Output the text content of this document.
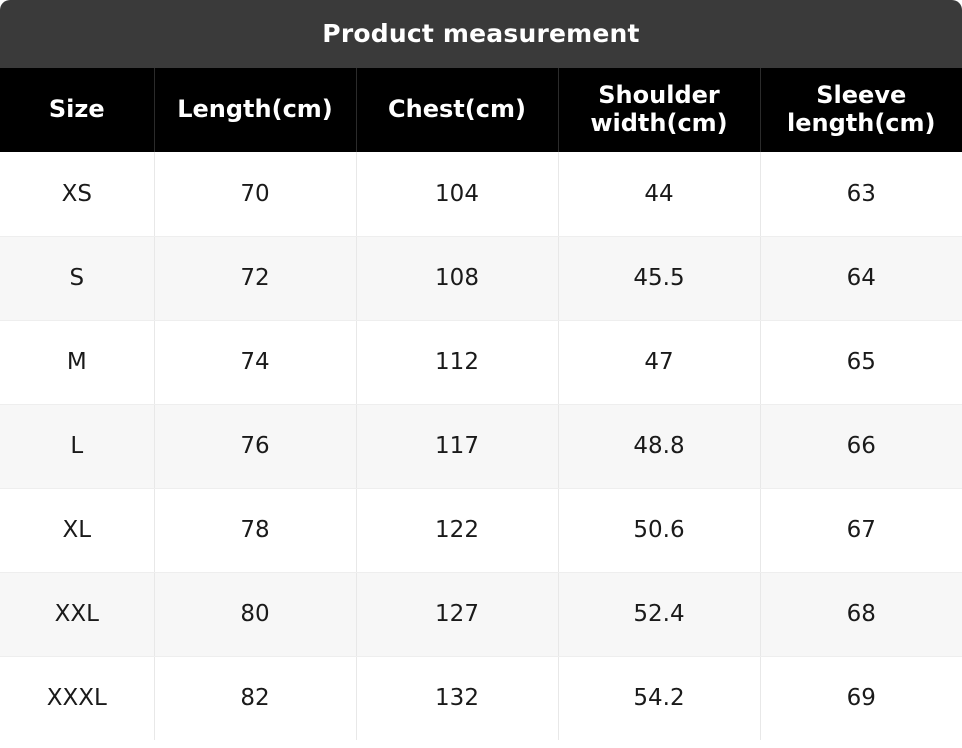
Product measurement
Size	Length(cm)	Chest(cm)	Shoulder width(cm)	Sleeve length(cm)
XS	70	104	44	63
S	72	108	45.5	64
M	74	112	47	65
L	76	117	48.8	66
XL	78	122	50.6	67
XXL	80	127	52.4	68
XXXL	82	132	54.2	69
